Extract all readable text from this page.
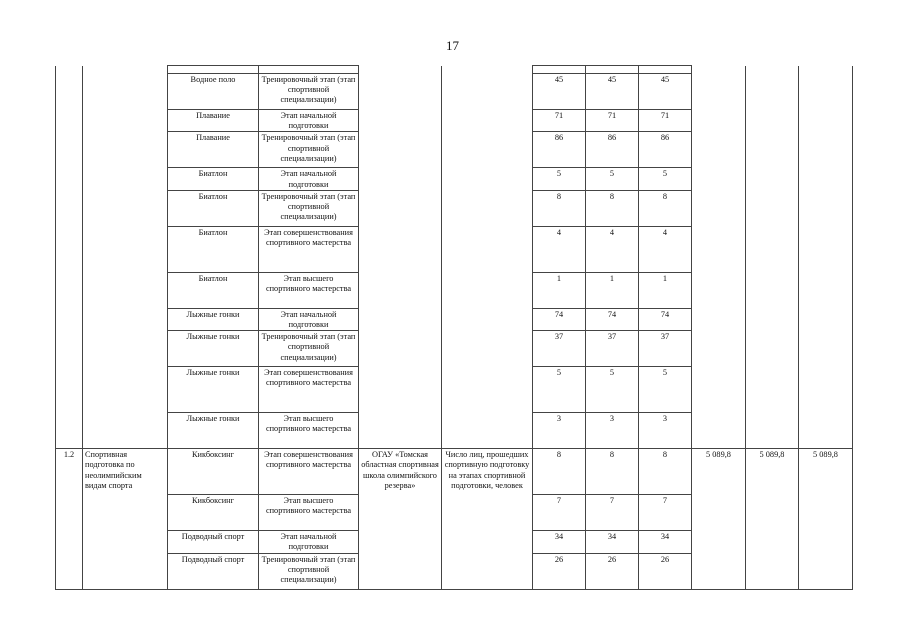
17

		Водное поло	Тренировочный этап (этап спортивной специализации)			45	45	45			
		Плавание	Этап начальной подготовки			71	71	71			
		Плавание	Тренировочный этап (этап спортивной специализации)			86	86	86			
		Биатлон	Этап начальной подготовки			5	5	5			
		Биатлон	Тренировочный этап (этап спортивной специализации)			8	8	8			
		Биатлон	Этап совершенствования спортивного мастерства			4	4	4			
		Биатлон	Этап высшего спортивного мастерства			1	1	1			
		Лыжные гонки	Этап начальной подготовки			74	74	74			
		Лыжные гонки	Тренировочный этап (этап спортивной специализации)			37	37	37			
		Лыжные гонки	Этап совершенствования спортивного мастерства			5	5	5			
		Лыжные гонки	Этап высшего спортивного мастерства			3	3	3			
1.2	Спортивная подготовка по неолимпийским видам спорта	Кикбоксинг	Этап совершенствования спортивного мастерства	ОГАУ «Томская областная спортивная школа олимпийского резерва»	Число лиц, прошедших спортивную подготовку на этапах спортивной подготовки, человек	8	8	8	5 089,8	5 089,8	5 089,8
		Кикбоксинг	Этап высшего спортивного мастерства			7	7	7			
		Подводный спорт	Этап начальной подготовки			34	34	34			
		Подводный спорт	Тренировочный этап (этап спортивной специализации)			26	26	26			
